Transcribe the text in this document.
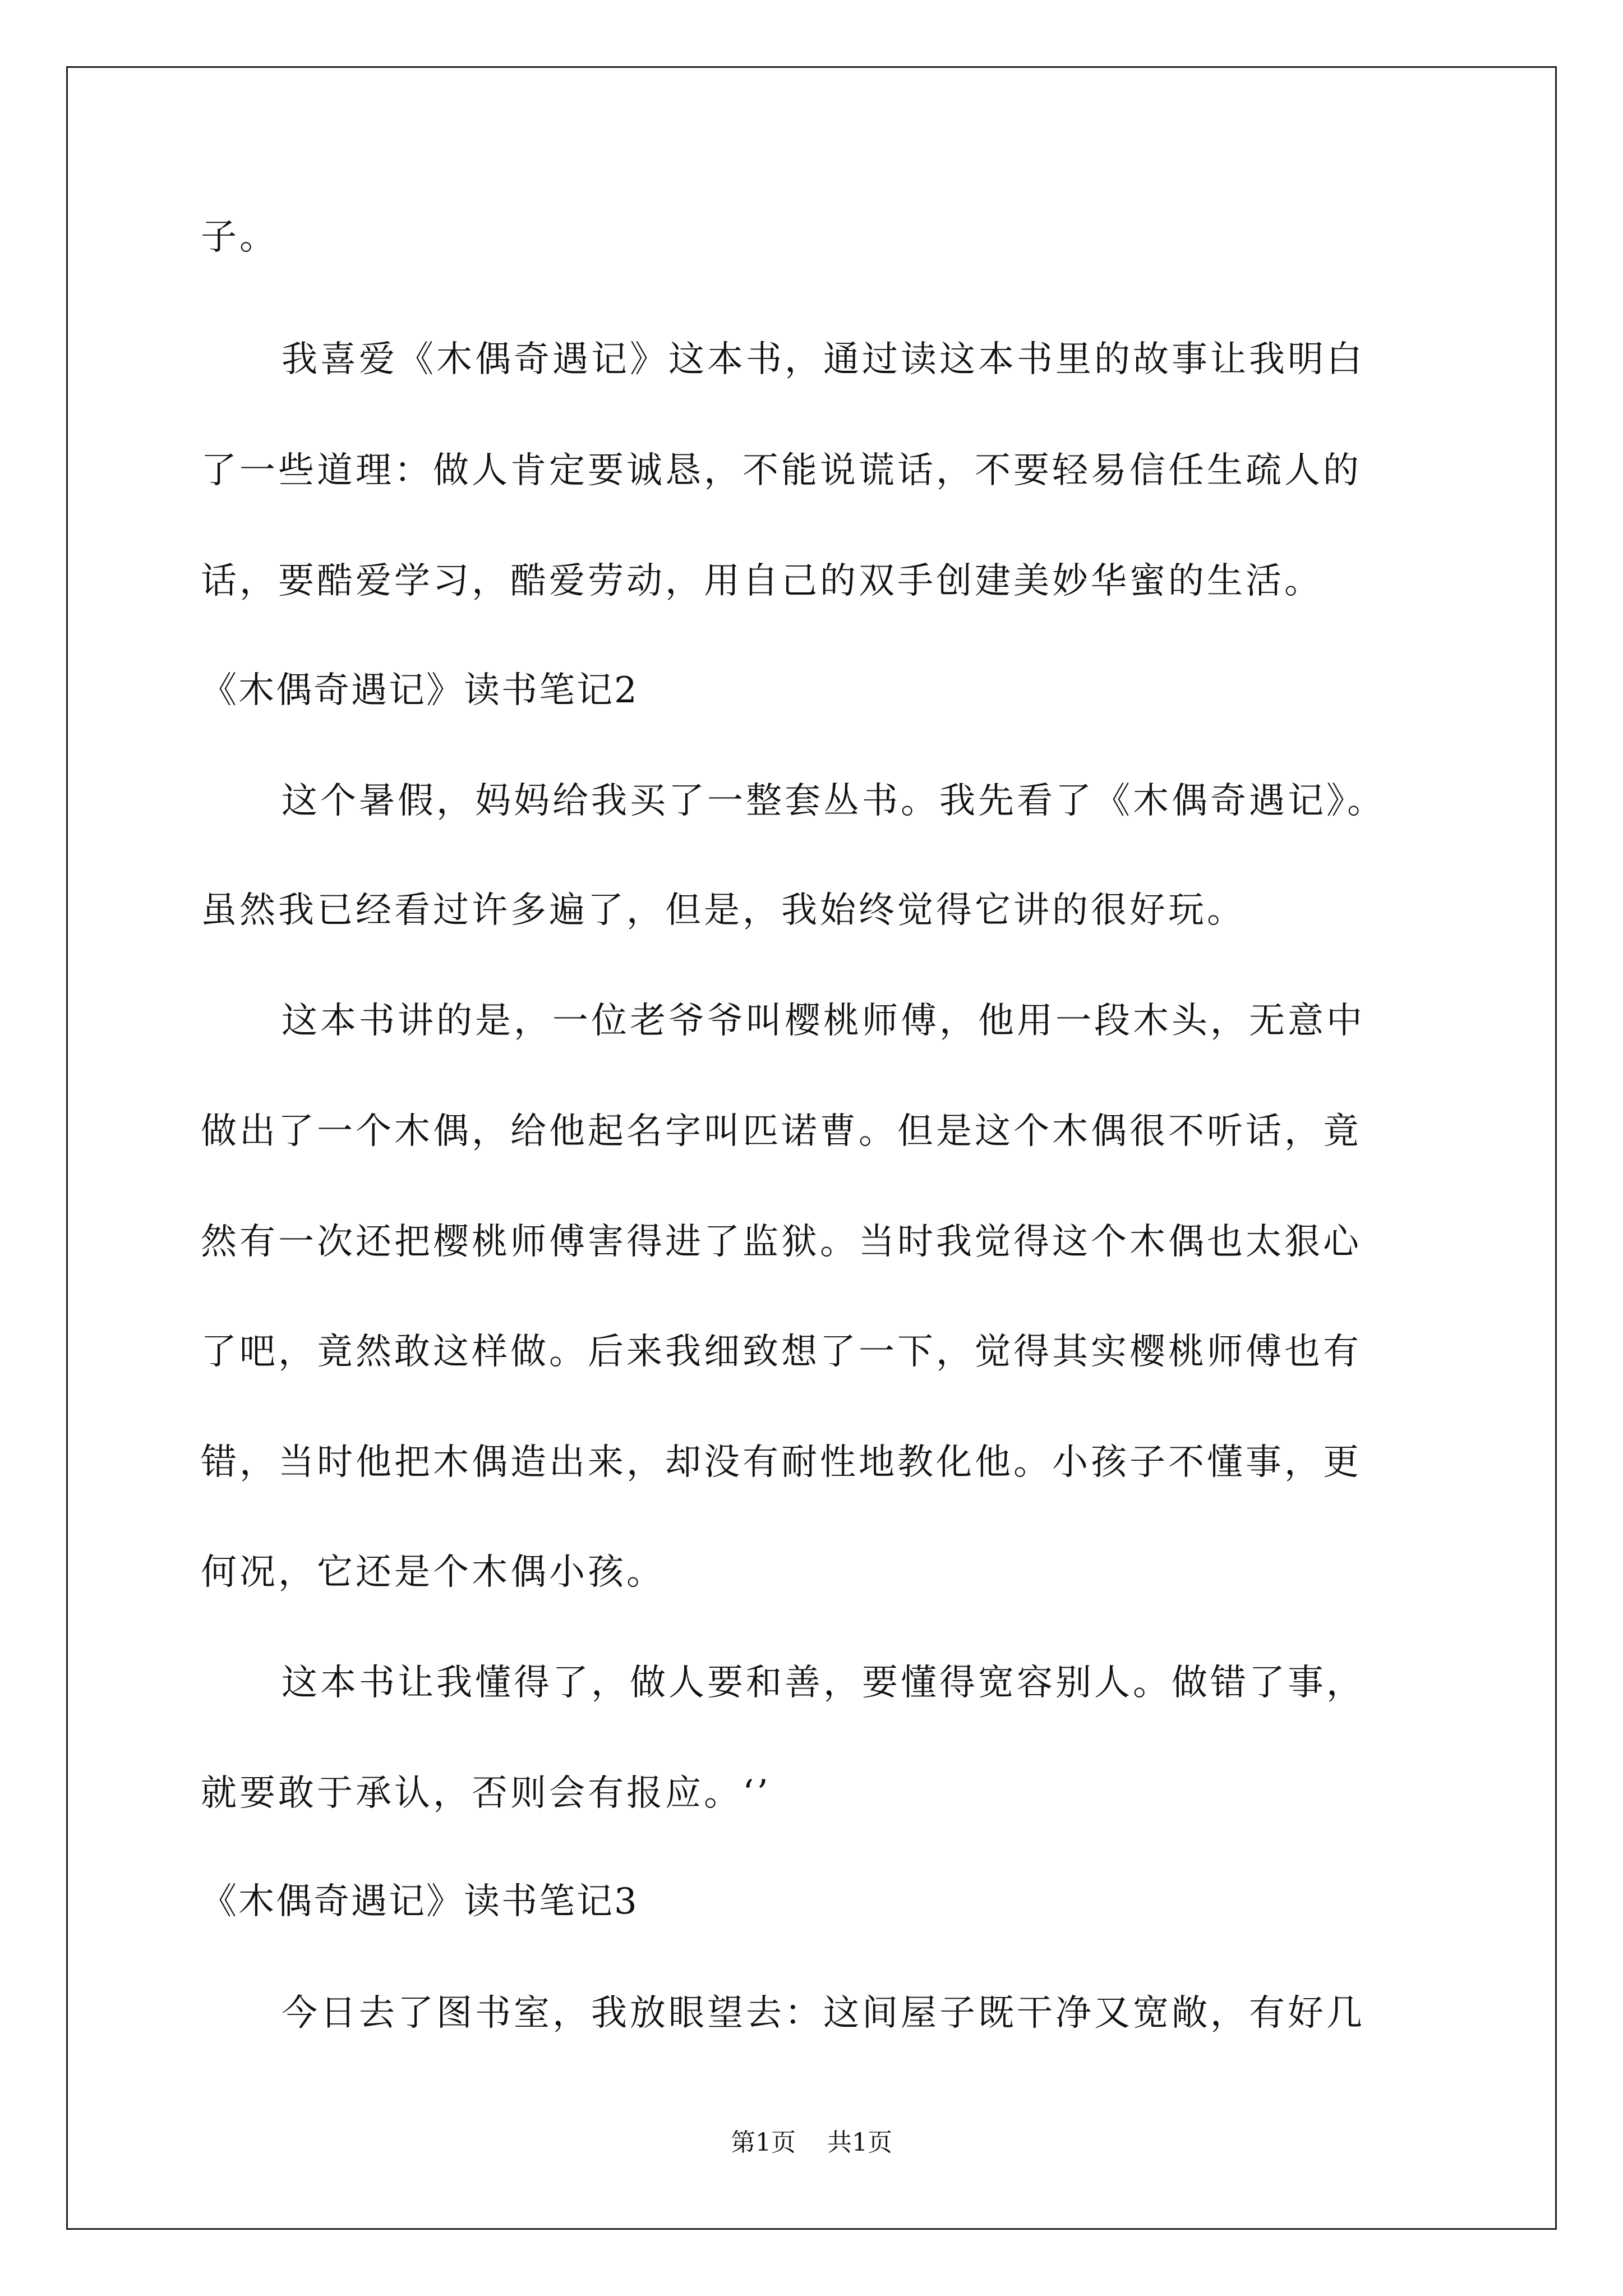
子。
我喜爱《木偶奇遇记》这本书，通过读这本书里的故事让我明白
了一些道理：做人肯定要诚恳，不能说谎话，不要轻易信任生疏人的
话，要酷爱学习，酷爱劳动，用自己的双手创建美妙华蜜的生活。
《木偶奇遇记》读书笔记2
这个暑假，妈妈给我买了一整套丛书。我先看了《木偶奇遇记》。
虽然我已经看过许多遍了，但是，我始终觉得它讲的很好玩。
这本书讲的是，一位老爷爷叫樱桃师傅，他用一段木头，无意中
做出了一个木偶，给他起名字叫匹诺曹。但是这个木偶很不听话，竟
然有一次还把樱桃师傅害得进了监狱。当时我觉得这个木偶也太狠心
了吧，竟然敢这样做。后来我细致想了一下，觉得其实樱桃师傅也有
错，当时他把木偶造出来，却没有耐性地教化他。小孩子不懂事，更
何况，它还是个木偶小孩。
这本书让我懂得了，做人要和善，要懂得宽容别人。做错了事，
就要敢于承认，否则会有报应。‘’
《木偶奇遇记》读书笔记3
今日去了图书室，我放眼望去：这间屋子既干净又宽敞，有好几
第1页 共1页
